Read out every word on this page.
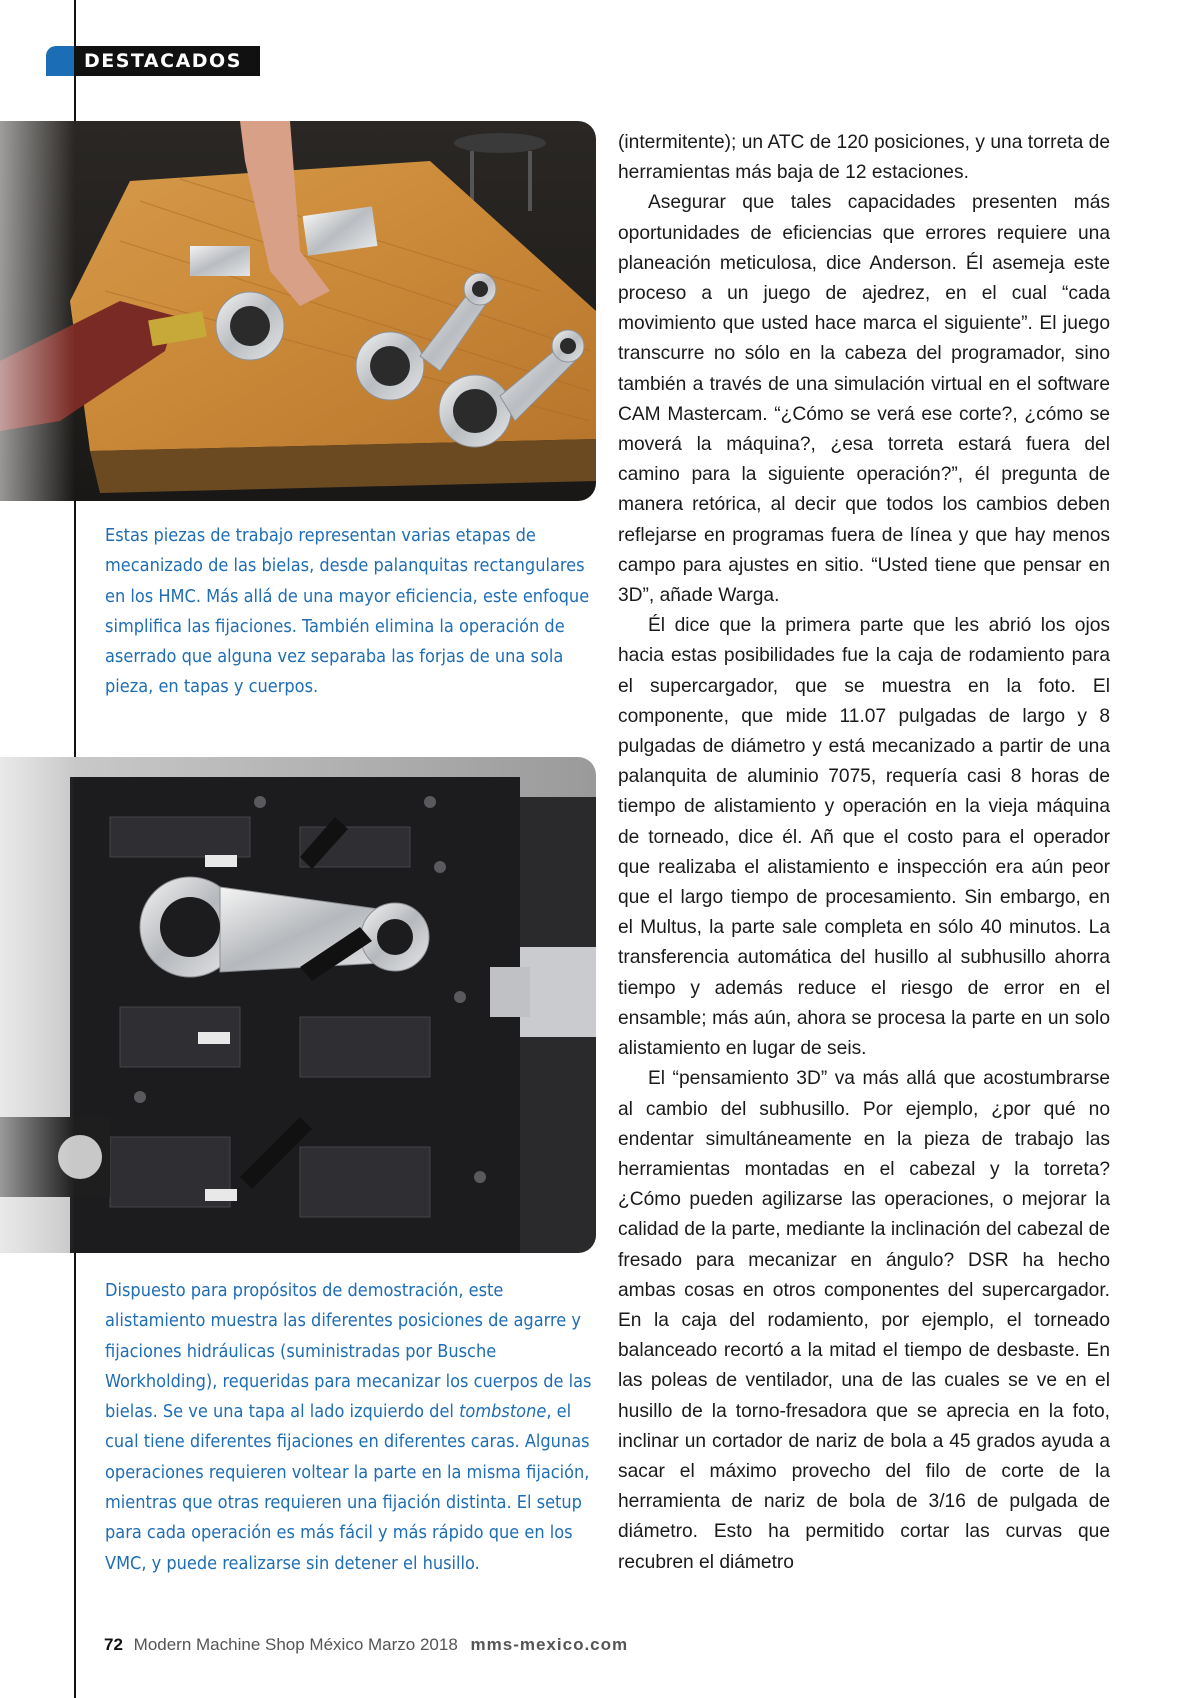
DESTACADOS

Estas piezas de trabajo representan varias etapas de mecanizado de las bielas, desde palanquitas rectangulares en los HMC. Más allá de una mayor eficiencia, este enfoque simplifica las fijaciones. También elimina la operación de aserrado que alguna vez separaba las forjas de una sola pieza, en tapas y cuerpos.

Dispuesto para propósitos de demostración, este alistamiento muestra las diferentes posiciones de agarre y fijaciones hidráulicas (suministradas por Busche Workholding), requeridas para mecanizar los cuerpos de las bielas. Se ve una tapa al lado izquierdo del tombstone, el cual tiene diferentes fijaciones en diferentes caras. Algunas operaciones requieren voltear la parte en la misma fijación, mientras que otras requieren una fijación distinta. El setup para cada operación es más fácil y más rápido que en los VMC, y puede realizarse sin detener el husillo.

(intermitente); un ATC de 120 posiciones, y una torreta de herramientas más baja de 12 estaciones.

Asegurar que tales capacidades presenten más oportunidades de eficiencias que errores requiere una planeación meticulosa, dice Anderson. Él asemeja este proceso a un juego de ajedrez, en el cual “cada movimiento que usted hace marca el siguiente”. El juego transcurre no sólo en la cabeza del programador, sino también a través de una simulación virtual en el software CAM Mastercam. “¿Cómo se verá ese corte?, ¿cómo se moverá la máquina?, ¿esa torreta estará fuera del camino para la siguiente operación?”, él pregunta de manera retórica, al decir que todos los cambios deben reflejarse en programas fuera de línea y que hay menos campo para ajustes en sitio. “Usted tiene que pensar en 3D”, añade Warga.

Él dice que la primera parte que les abrió los ojos hacia estas posibilidades fue la caja de rodamiento para el supercargador, que se muestra en la foto. El componente, que mide 11.07 pulgadas de largo y 8 pulgadas de diámetro y está mecanizado a partir de una palanquita de aluminio 7075, requería casi 8 horas de tiempo de alistamiento y operación en la vieja máquina de torneado, dice él. Añ que el costo para el operador que realizaba el alistamiento e inspección era aún peor que el largo tiempo de procesamiento. Sin embargo, en el Multus, la parte sale completa en sólo 40 minutos. La transferencia automática del husillo al subhusillo ahorra tiempo y además reduce el riesgo de error en el ensamble; más aún, ahora se procesa la parte en un solo alistamiento en lugar de seis.

El “pensamiento 3D” va más allá que acostumbrarse al cambio del subhusillo. Por ejemplo, ¿por qué no endentar simultáneamente en la pieza de trabajo las herramientas montadas en el cabezal y la torreta? ¿Cómo pueden agilizarse las operaciones, o mejorar la calidad de la parte, mediante la inclinación del cabezal de fresado para mecanizar en ángulo? DSR ha hecho ambas cosas en otros componentes del supercargador. En la caja del rodamiento, por ejemplo, el torneado balanceado recortó a la mitad el tiempo de desbaste. En las poleas de ventilador, una de las cuales se ve en el husillo de la torno-fresadora que se aprecia en la foto, inclinar un cortador de nariz de bola a 45 grados ayuda a sacar el máximo provecho del filo de corte de la herramienta de nariz de bola de 3/16 de pulgada de diámetro. Esto ha permitido cortar las curvas que recubren el diámetro

72 Modern Machine Shop México Marzo 2018 mms-mexico.com
